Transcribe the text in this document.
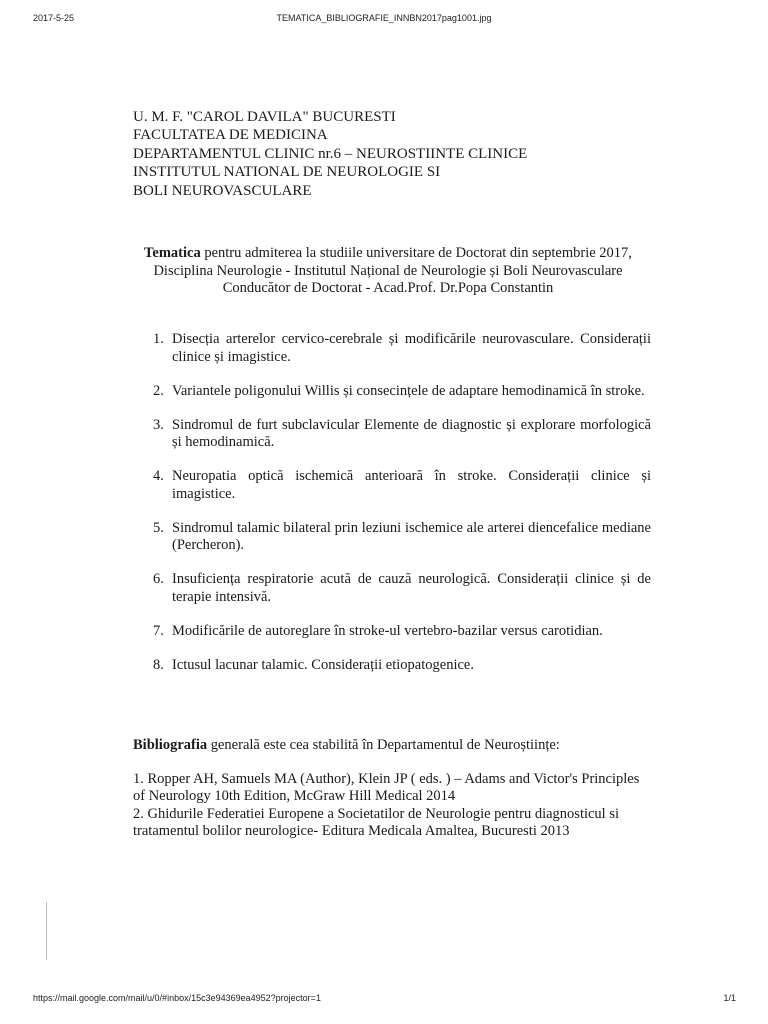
2017-5-25	TEMATICA_BIBLIOGRAFIE_INNBN2017pag1001.jpg
U. M. F. "CAROL DAVILA" BUCURESTI
FACULTATEA DE MEDICINA
DEPARTAMENTUL CLINIC nr.6 – NEUROSTIINTE CLINICE
INSTITUTUL NATIONAL DE NEUROLOGIE SI
BOLI NEUROVASCULARE
Tematica pentru admiterea la studiile universitare de Doctorat din septembrie 2017, Disciplina Neurologie - Institutul Național de Neurologie și Boli Neurovasculare
Conducător de Doctorat - Acad.Prof. Dr.Popa Constantin
1. Disecția arterelor cervico-cerebrale și modificările neurovasculare. Considerații clinice și imagistice.
2. Variantele poligonului Willis și consecințele de adaptare hemodinamică în stroke.
3. Sindromul de furt subclavicular Elemente de diagnostic și explorare morfologică și hemodinamică.
4. Neuropatia optică ischemică anterioară în stroke. Considerații clinice și imagistice.
5. Sindromul talamic bilateral prin leziuni ischemice ale arterei diencefalice mediane (Percheron).
6. Insuficiența respiratorie acută de cauză neurologică. Considerații clinice și de terapie intensivă.
7. Modificările de autoreglare în stroke-ul vertebro-bazilar versus carotidian.
8. Ictusul lacunar talamic. Considerații etiopatogenice.
Bibliografia generală este cea stabilită în Departamentul de Neuroștiințe:
1. Ropper AH, Samuels MA (Author), Klein JP ( eds. ) – Adams and Victor's Principles of Neurology 10th Edition, McGraw Hill Medical 2014
2. Ghidurile Federatiei Europene a Societatilor de Neurologie pentru diagnosticul si tratamentul bolilor neurologice- Editura Medicala Amaltea, Bucuresti 2013
https://mail.google.com/mail/u/0/#inbox/15c3e94369ea4952?projector=1	1/1
